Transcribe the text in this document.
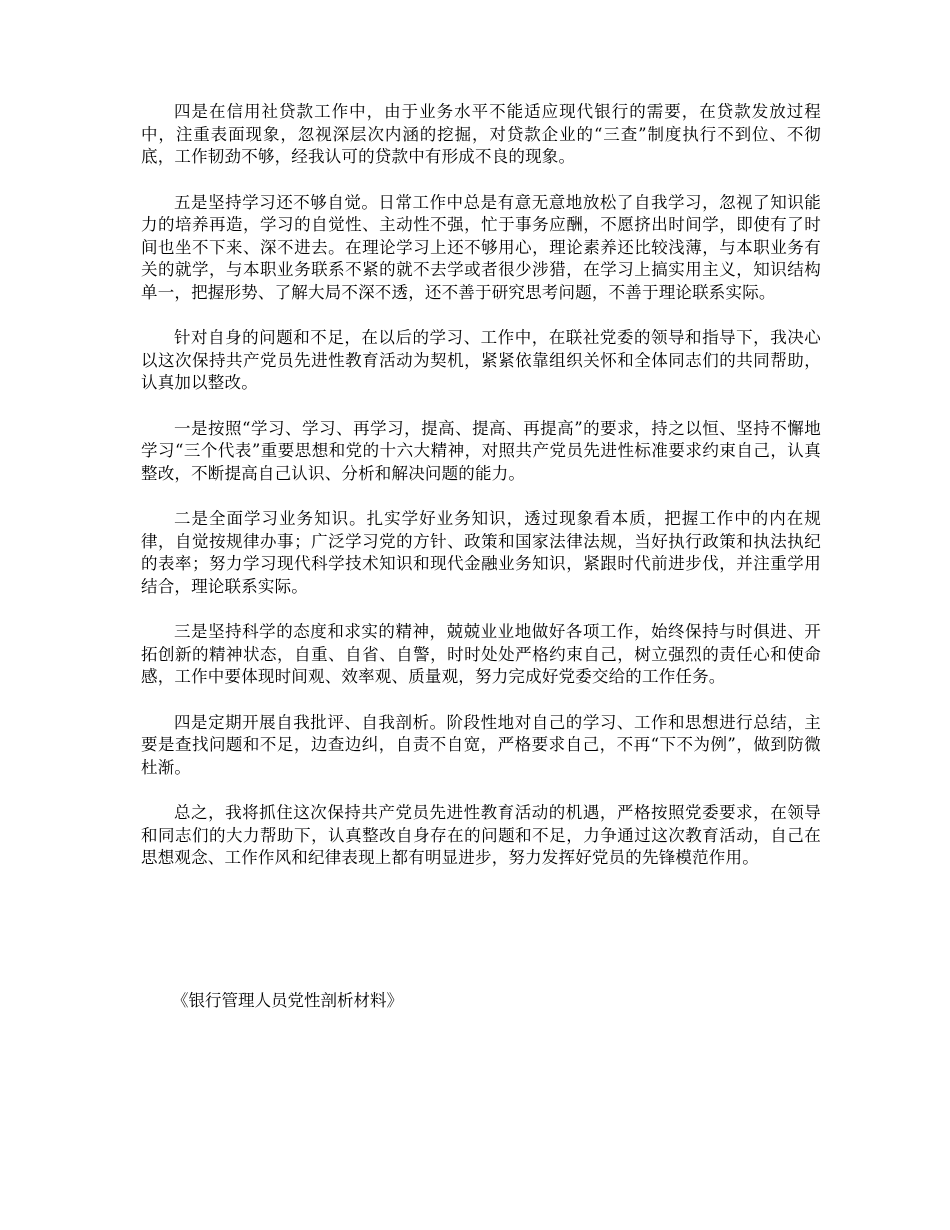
四是在信用社贷款工作中，由于业务水平不能适应现代银行的需要，在贷款发放过程中，注重表面现象，忽视深层次内涵的挖掘，对贷款企业的“三查”制度执行不到位、不彻底，工作韧劲不够，经我认可的贷款中有形成不良的现象。

五是坚持学习还不够自觉。日常工作中总是有意无意地放松了自我学习，忽视了知识能力的培养再造，学习的自觉性、主动性不强，忙于事务应酬，不愿挤出时间学，即使有了时间也坐不下来、深不进去。在理论学习上还不够用心，理论素养还比较浅薄，与本职业务有关的就学，与本职业务联系不紧的就不去学或者很少涉猎，在学习上搞实用主义，知识结构单一，把握形势、了解大局不深不透，还不善于研究思考问题，不善于理论联系实际。

针对自身的问题和不足，在以后的学习、工作中，在联社党委的领导和指导下，我决心以这次保持共产党员先进性教育活动为契机，紧紧依靠组织关怀和全体同志们的共同帮助，认真加以整改。

一是按照“学习、学习、再学习，提高、提高、再提高”的要求，持之以恒、坚持不懈地学习“三个代表”重要思想和党的十六大精神，对照共产党员先进性标准要求约束自己，认真整改，不断提高自己认识、分析和解决问题的能力。

二是全面学习业务知识。扎实学好业务知识，透过现象看本质，把握工作中的内在规律，自觉按规律办事；广泛学习党的方针、政策和国家法律法规，当好执行政策和执法执纪的表率；努力学习现代科学技术知识和现代金融业务知识，紧跟时代前进步伐，并注重学用结合，理论联系实际。

三是坚持科学的态度和求实的精神，兢兢业业地做好各项工作，始终保持与时俱进、开拓创新的精神状态，自重、自省、自警，时时处处严格约束自己，树立强烈的责任心和使命感，工作中要体现时间观、效率观、质量观，努力完成好党委交给的工作任务。

四是定期开展自我批评、自我剖析。阶段性地对自己的学习、工作和思想进行总结，主要是查找问题和不足，边查边纠，自责不自宽，严格要求自己，不再“下不为例”，做到防微杜渐。

总之，我将抓住这次保持共产党员先进性教育活动的机遇，严格按照党委要求，在领导和同志们的大力帮助下，认真整改自身存在的问题和不足，力争通过这次教育活动，自己在思想观念、工作作风和纪律表现上都有明显进步，努力发挥好党员的先锋模范作用。

《银行管理人员党性剖析材料》
